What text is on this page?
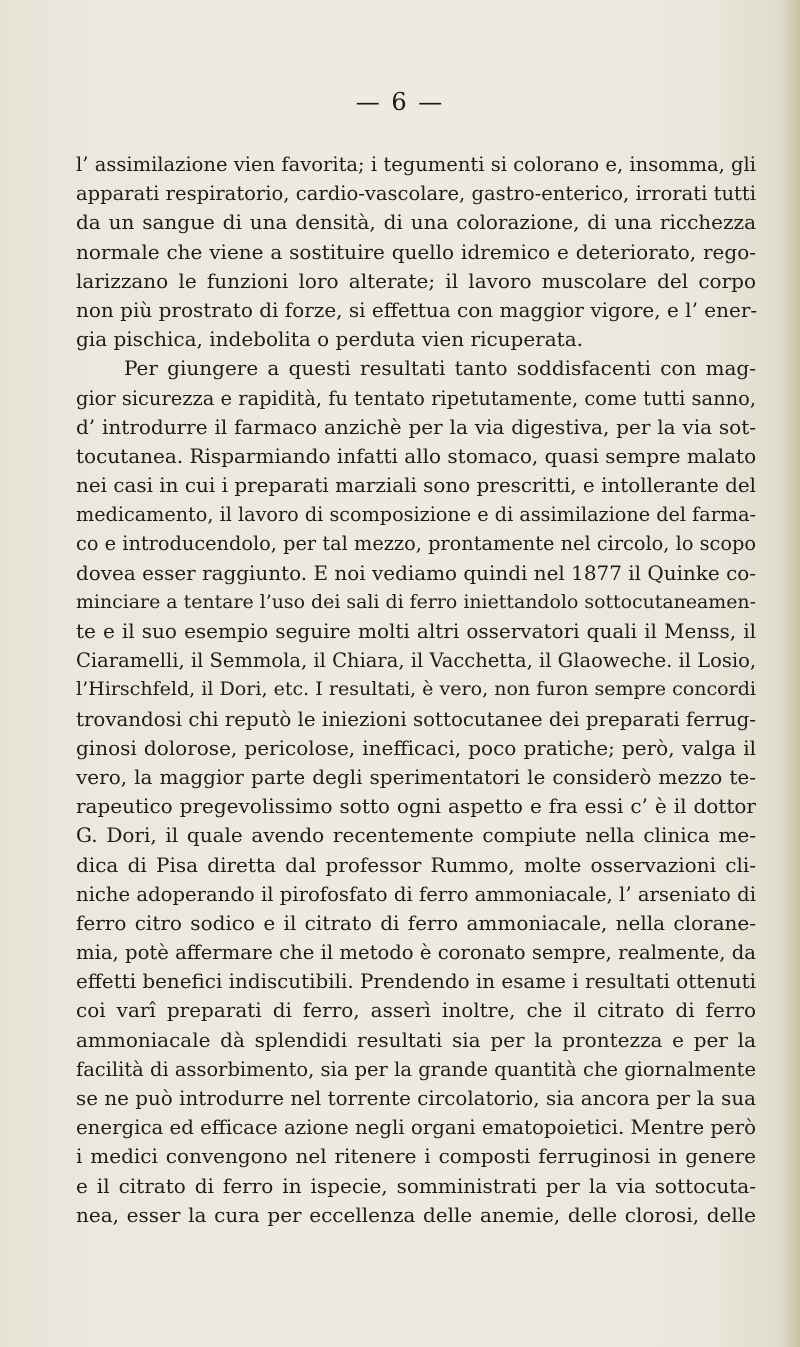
— 6 —
l’ assimilazione vien favorita; i tegumenti si colorano e, insomma, gli
apparati respiratorio, cardio-vascolare, gastro-enterico, irrorati tutti
da un sangue di una densità, di una colorazione, di una ricchezza
normale che viene a sostituire quello idremico e deteriorato, rego-
larizzano le funzioni loro alterate; il lavoro muscolare del corpo
non più prostrato di forze, si effettua con maggior vigore, e l’ ener-
gia pischica, indebolita o perduta vien ricuperata.
Per giungere a questi resultati tanto soddisfacenti con mag-
gior sicurezza e rapidità, fu tentato ripetutamente, come tutti sanno,
d’ introdurre il farmaco anzichè per la via digestiva, per la via sot-
tocutanea. Risparmiando infatti allo stomaco, quasi sempre malato
nei casi in cui i preparati marziali sono prescritti, e intollerante del
medicamento, il lavoro di scomposizione e di assimilazione del farma-
co e introducendolo, per tal mezzo, prontamente nel circolo, lo scopo
dovea esser raggiunto. E noi vediamo quindi nel 1877 il Quinke co-
minciare a tentare l’uso dei sali di ferro iniettandolo sottocutaneamen-
te e il suo esempio seguire molti altri osservatori quali il Menss, il
Ciaramelli, il Semmola, il Chiara, il Vacchetta, il Glaoweche. il Losio,
l’Hirschfeld, il Dori, etc. I resultati, è vero, non furon sempre concordi
trovandosi chi reputò le iniezioni sottocutanee dei preparati ferrug-
ginosi dolorose, pericolose, inefficaci, poco pratiche; però, valga il
vero, la maggior parte degli sperimentatori le considerò mezzo te-
rapeutico pregevolissimo sotto ogni aspetto e fra essi c’ è il dottor
G. Dori, il quale avendo recentemente compiute nella clinica me-
dica di Pisa diretta dal professor Rummo, molte osservazioni cli-
niche adoperando il pirofosfato di ferro ammoniacale, l’ arseniato di
ferro citro sodico e il citrato di ferro ammoniacale, nella clorane-
mia, potè affermare che il metodo è coronato sempre, realmente, da
effetti benefici indiscutibili. Prendendo in esame i resultati ottenuti
coi varî preparati di ferro, asserì inoltre, che il citrato di ferro
ammoniacale dà splendidi resultati sia per la prontezza e per la
facilità di assorbimento, sia per la grande quantità che giornalmente
se ne può introdurre nel torrente circolatorio, sia ancora per la sua
energica ed efficace azione negli organi ematopoietici. Mentre però
i medici convengono nel ritenere i composti ferruginosi in genere
e il citrato di ferro in ispecie, somministrati per la via sottocuta-
nea, esser la cura per eccellenza delle anemie, delle clorosi, delle
